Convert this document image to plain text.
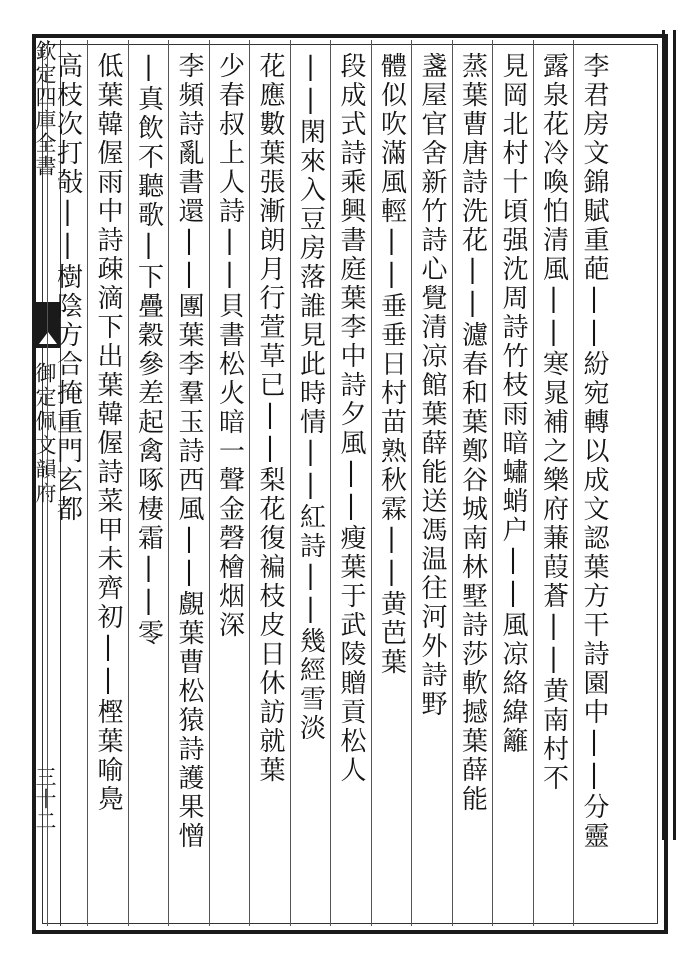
欽定四庫全書
御定佩文韻府
三十二	李君房文錦賦重葩||紛宛轉以成文認葉方干詩園中||分靈
露泉花冷喚怕清風||寒晁補之樂府蒹葭蒼||黄南村不
見岡北村十頃强沈周詩竹枝雨暗蟰蛸户||風凉絡緯籬
蒸葉曹唐詩洗花||濾春和葉鄭谷城南林墅詩莎軟撼葉薛能
盞屋官舍新竹詩心覺清凉館葉薛能送馮温往河外詩野
體似吹滿風輕||垂垂日村苗熟秋霖||黄芭葉
段成式詩乘興書庭葉李中詩夕風||瘦葉于武陵贈貢松人
||閑來入豆房落誰見此時情||紅詩||幾經雪淡
花應數葉張漸朗月行萱草已||梨花復褊枝皮日休訪就葉
少春叔上人詩||貝書松火暗一聲金磬檜烟深
李頻詩亂書還||團葉李羣玉詩西風||覻葉曹松猿詩護果憎
|真飲不聽歌|下疊穀參差起禽啄棲霜||零
低葉韓偓雨中詩疎滴下出葉韓偓詩菜甲未齊初||樫葉喻鳧
高枝次打敧||樹陰方合掩重門玄都
